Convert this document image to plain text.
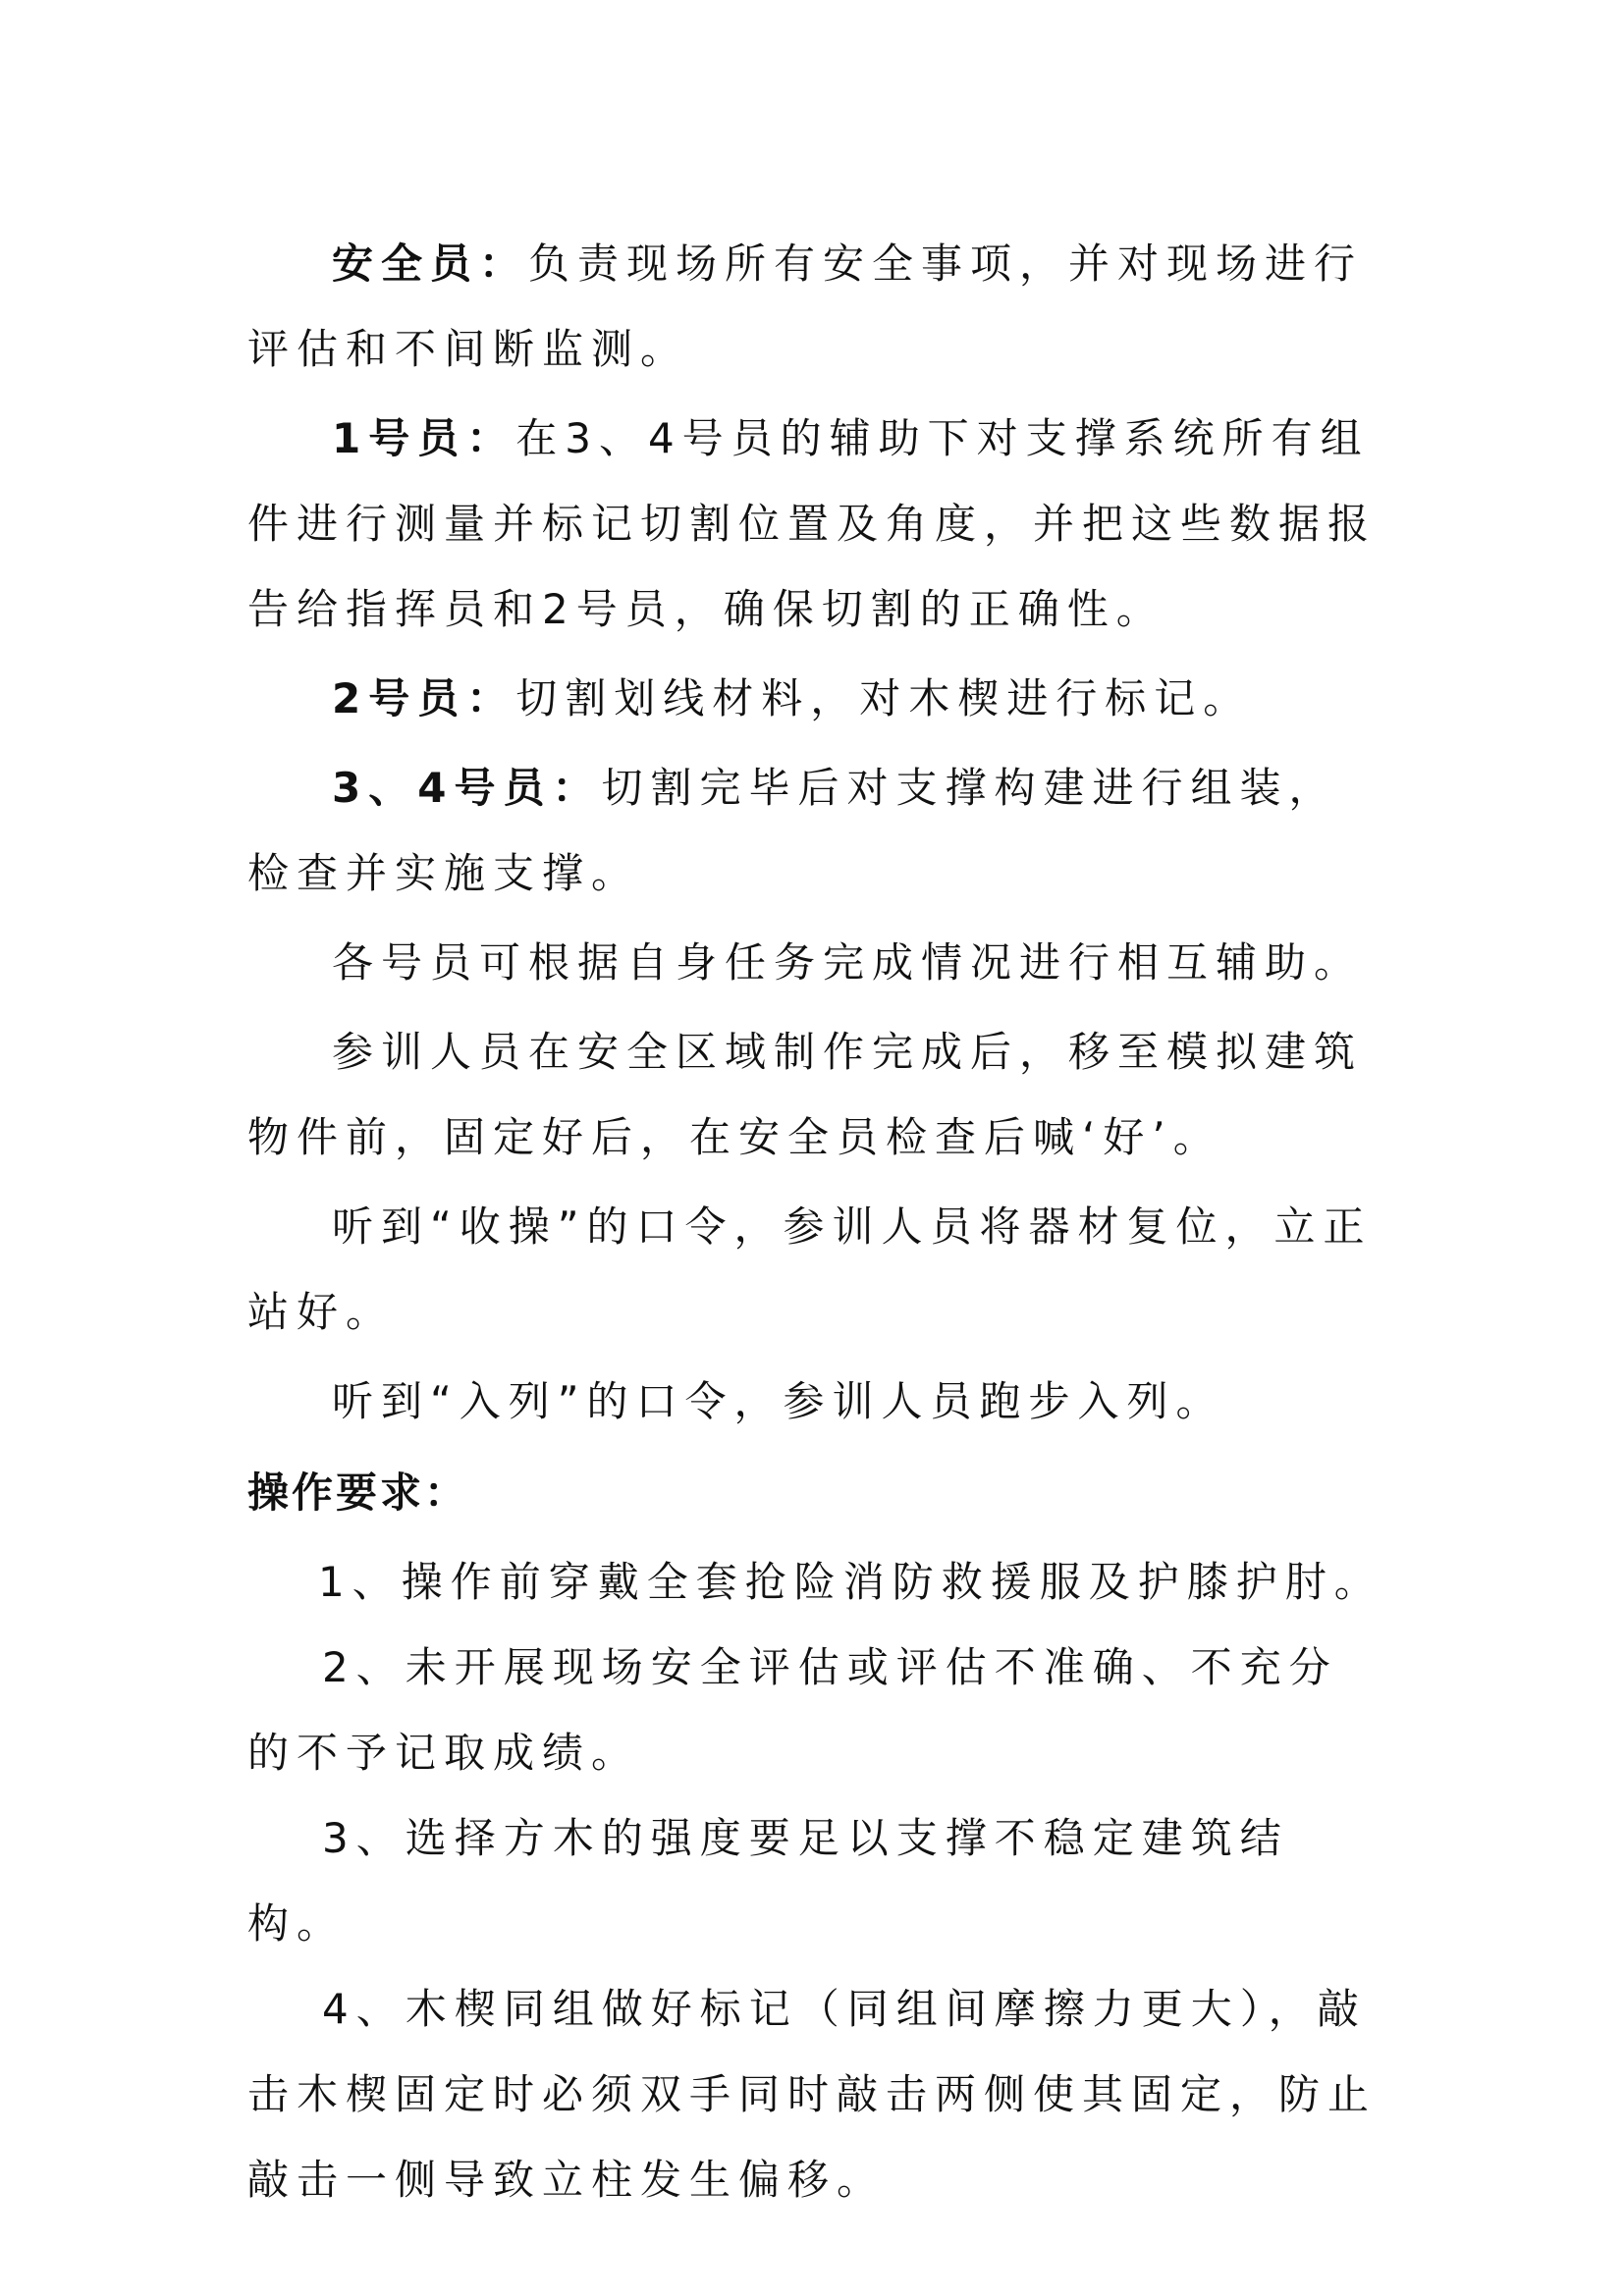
安全员：负责现场所有安全事项，并对现场进行评估和不间断监测。

1号员：在3、4号员的辅助下对支撑系统所有组件进行测量并标记切割位置及角度，并把这些数据报告给指挥员和2号员，确保切割的正确性。

2号员：切割划线材料，对木楔进行标记。

3、4号员：切割完毕后对支撑构建进行组装，检查并实施支撑。

各号员可根据自身任务完成情况进行相互辅助。

参训人员在安全区域制作完成后，移至模拟建筑物件前，固定好后，在安全员检查后喊‘好’。

听到“收操”的口令，参训人员将器材复位，立正站好。

听到“入列”的口令，参训人员跑步入列。

操作要求：

1、操作前穿戴全套抢险消防救援服及护膝护肘。

2、未开展现场安全评估或评估不准确、不充分的不予记取成绩。

3、选择方木的强度要足以支撑不稳定建筑结构。

4、木楔同组做好标记（同组间摩擦力更大），敲击木楔固定时必须双手同时敲击两侧使其固定，防止敲击一侧导致立柱发生偏移。
